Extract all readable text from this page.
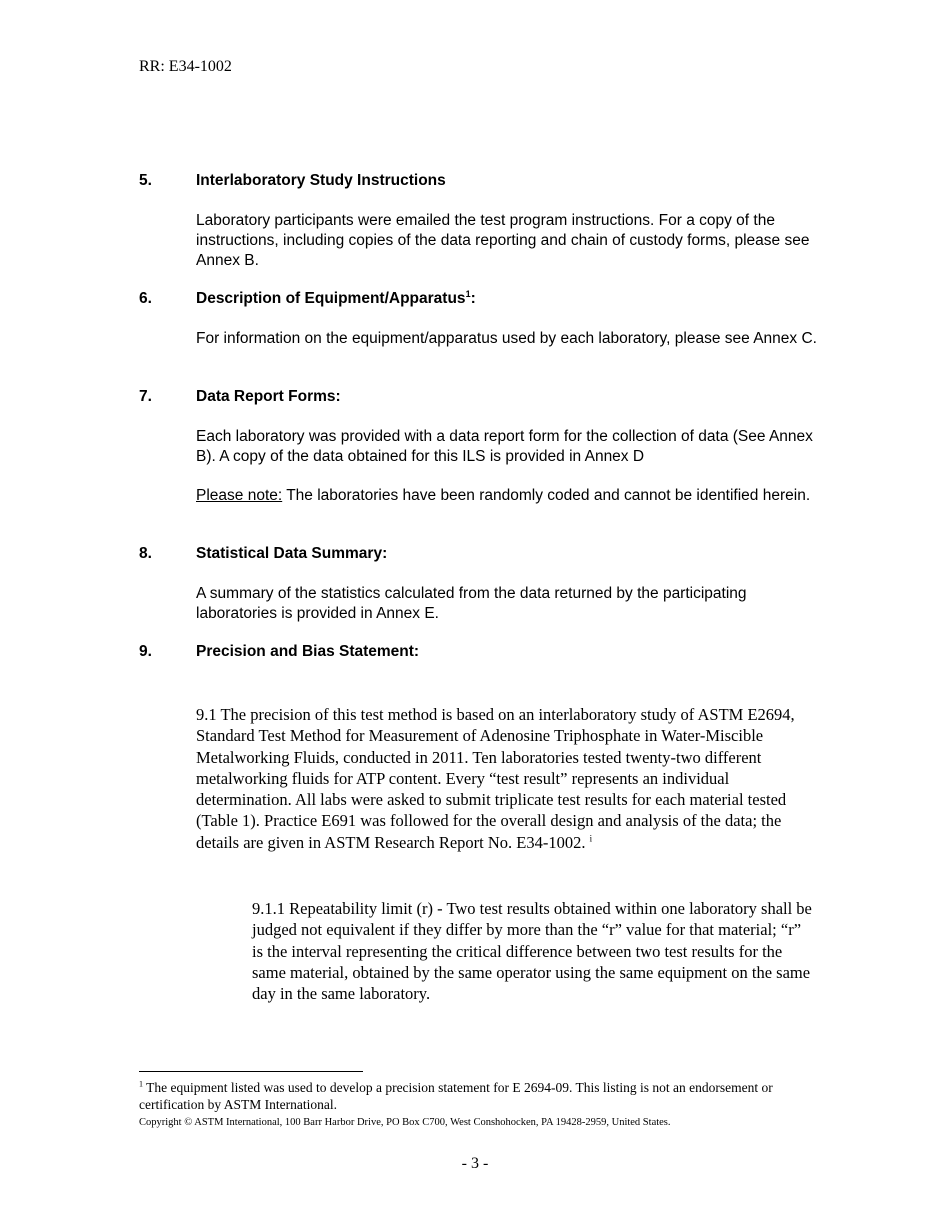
RR: E34-1002
5.	Interlaboratory Study Instructions
Laboratory participants were emailed the test program instructions. For a copy of the instructions, including copies of the data reporting and chain of custody forms, please see Annex B.
6.	Description of Equipment/Apparatus$^1$:
For information on the equipment/apparatus used by each laboratory, please see Annex C.
7.	Data Report Forms:
Each laboratory was provided with a data report form for the collection of data (See Annex B). A copy of the data obtained for this ILS is provided in Annex D
Please note: The laboratories have been randomly coded and cannot be identified herein.
8.	Statistical Data Summary:
A summary of the statistics calculated from the data returned by the participating laboratories is provided in Annex E.
9.	Precision and Bias Statement:
9.1 The precision of this test method is based on an interlaboratory study of ASTM E2694, Standard Test Method for Measurement of Adenosine Triphosphate in Water-Miscible Metalworking Fluids, conducted in 2011. Ten laboratories tested twenty-two different metalworking fluids for ATP content. Every “test result” represents an individual determination. All labs were asked to submit triplicate test results for each material tested (Table 1). Practice E691 was followed for the overall design and analysis of the data; the details are given in ASTM Research Report No. E34-1002. $^i$
9.1.1 Repeatability limit (r) - Two test results obtained within one laboratory shall be judged not equivalent if they differ by more than the “r” value for that material; “r” is the interval representing the critical difference between two test results for the same material, obtained by the same operator using the same equipment on the same day in the same laboratory.
$^1$ The equipment listed was used to develop a precision statement for E 2694-09. This listing is not an endorsement or certification by ASTM International.
Copyright © ASTM International, 100 Barr Harbor Drive, PO Box C700, West Conshohocken, PA 19428-2959, United States.
- 3 -
